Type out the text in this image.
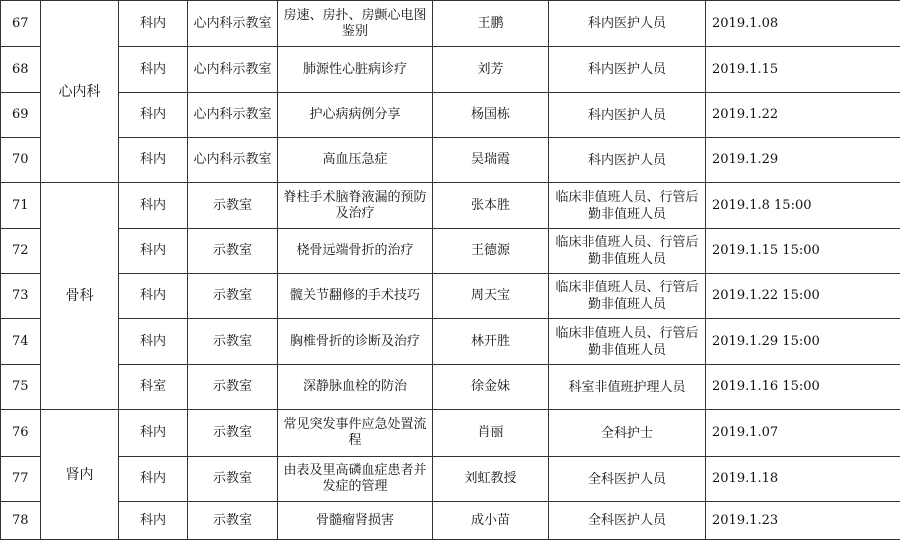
67	心内科	科内	心内科示教室	房速、房扑、房颤心电图鉴别	王鹏	科内医护人员	2019.1.08
68		科内	心内科示教室	肺源性心脏病诊疗	刘芳	科内医护人员	2019.1.15
69		科内	心内科示教室	护心病病例分享	杨国栋	科内医护人员	2019.1.22
70		科内	心内科示教室	高血压急症	吴瑞霞	科内医护人员	2019.1.29
71	骨科	科内	示教室	脊柱手术脑脊液漏的预防及治疗	张本胜	临床非值班人员、行管后勤非值班人员	2019.1.8 15:00
72		科内	示教室	桡骨远端骨折的治疗	王德源	临床非值班人员、行管后勤非值班人员	2019.1.15 15:00
73		科内	示教室	髋关节翻修的手术技巧	周天宝	临床非值班人员、行管后勤非值班人员	2019.1.22 15:00
74		科内	示教室	胸椎骨折的诊断及治疗	林开胜	临床非值班人员、行管后勤非值班人员	2019.1.29 15:00
75		科室	示教室	深静脉血栓的防治	徐金妹	科室非值班护理人员	2019.1.16 15:00
76	肾内	科内	示教室	常见突发事件应急处置流程	肖丽	全科护士	2019.1.07
77		科内	示教室	由表及里高磷血症患者并发症的管理	刘虹教授	全科医护人员	2019.1.18
78		科内	示教室	骨髓瘤肾损害	成小苗	全科医护人员	2019.1.23
